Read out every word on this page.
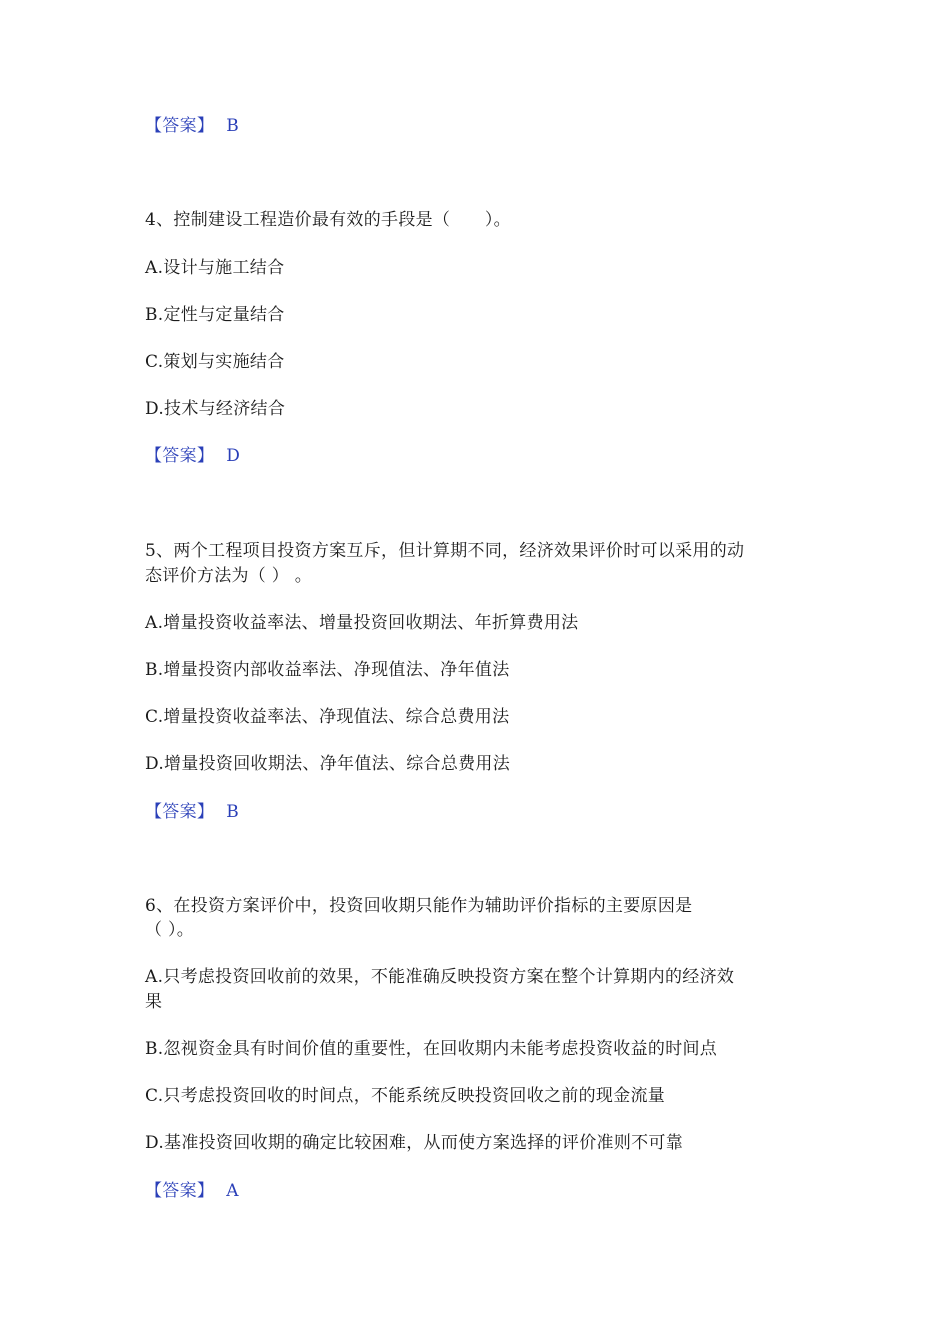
【答案】 B
4、控制建设工程造价最有效的手段是（　　）。
A.设计与施工结合
B.定性与定量结合
C.策划与实施结合
D.技术与经济结合
【答案】 D
5、两个工程项目投资方案互斥，但计算期不同，经济效果评价时可以采用的动
态评价方法为（ ） 。
A.增量投资收益率法、增量投资回收期法、年折算费用法
B.增量投资内部收益率法、净现值法、净年值法
C.增量投资收益率法、净现值法、综合总费用法
D.增量投资回收期法、净年值法、综合总费用法
【答案】 B
6、在投资方案评价中，投资回收期只能作为辅助评价指标的主要原因是
（ ）。
A.只考虑投资回收前的效果，不能准确反映投资方案在整个计算期内的经济效
果
B.忽视资金具有时间价值的重要性，在回收期内未能考虑投资收益的时间点
C.只考虑投资回收的时间点，不能系统反映投资回收之前的现金流量
D.基准投资回收期的确定比较困难，从而使方案选择的评价准则不可靠
【答案】 A
